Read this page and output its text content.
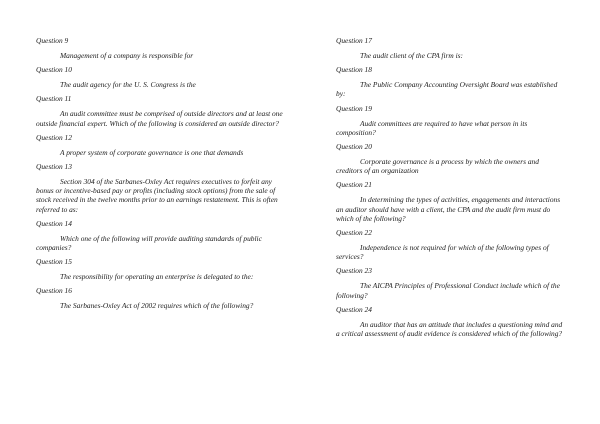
Question 9

Management of a company is responsible for

Question 10

The audit agency for the U. S. Congress is the

Question 11

An audit committee must be comprised of outside directors and at least one outside financial expert. Which of the following is considered an outside director?

Question 12

A proper system of corporate governance is one that demands

Question 13

Section 304 of the Sarbanes-Oxley Act requires executives to forfeit any bonus or incentive-based pay or profits (including stock options) from the sale of stock received in the twelve months prior to an earnings restatement. This is often referred to as:

Question 14

Which one of the following will provide auditing standards of public companies?

Question 15

The responsibility for operating an enterprise is delegated to the:

Question 16

The Sarbanes-Oxley Act of 2002 requires which of the following?

Question 17

The audit client of the CPA firm is:

Question 18

The Public Company Accounting Oversight Board was established by:

Question 19

Audit committees are required to have what person in its composition?

Question 20

Corporate governance is a process by which the owners and creditors of an organization

Question 21

In determining the types of activities, engagements and interactions an auditor should have with a client, the CPA and the audit firm must do which of the following?

Question 22

Independence is not required for which of the following types of services?

Question 23

The AICPA Principles of Professional Conduct include which of the following?

Question 24

An auditor that has an attitude that includes a questioning mind and a critical assessment of audit evidence is considered which of the following?
